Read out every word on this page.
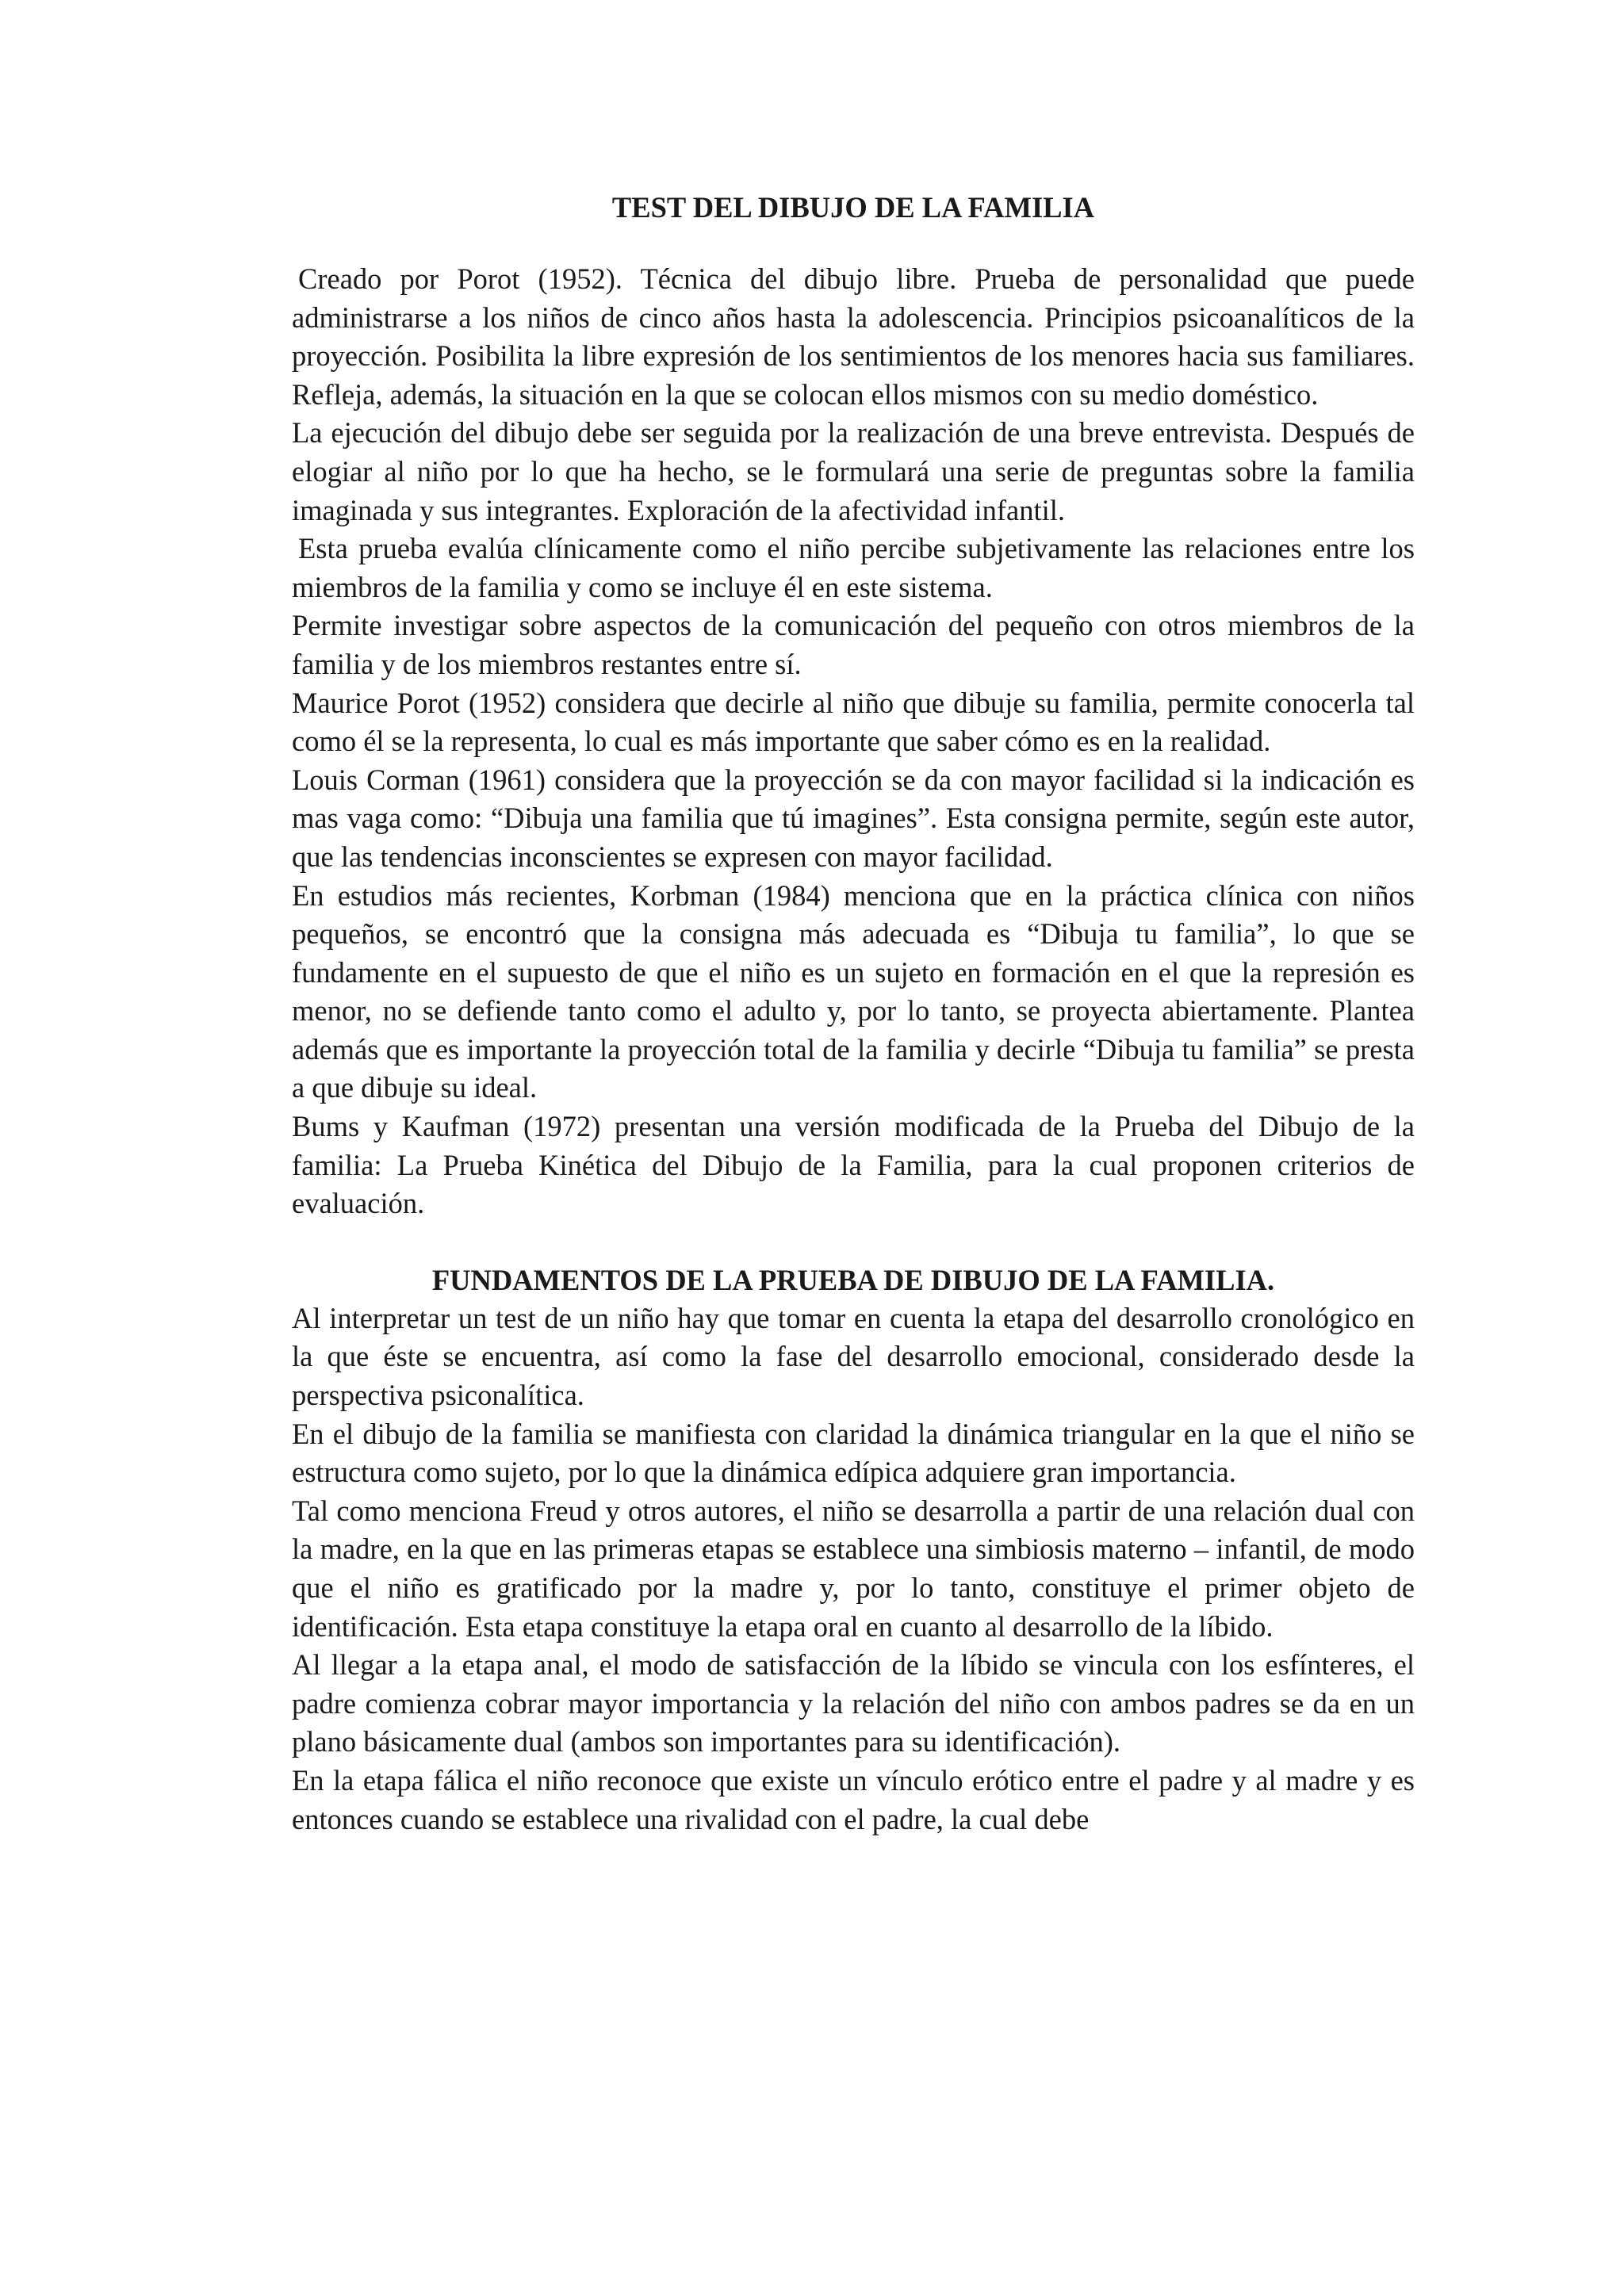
TEST DEL DIBUJO DE LA FAMILIA

Creado por Porot (1952). Técnica del dibujo libre. Prueba de personalidad que puede administrarse a los niños de cinco años hasta la adolescencia. Principios psicoanalíticos de la proyección. Posibilita la libre expresión de los sentimientos de los menores hacia sus familiares. Refleja, además, la situación en la que se colocan ellos mismos con su medio doméstico.

La ejecución del dibujo debe ser seguida por la realización de una breve entrevista. Después de elogiar al niño por lo que ha hecho, se le formulará una serie de preguntas sobre la familia imaginada y sus integrantes. Exploración de la afectividad infantil.

Esta prueba evalúa clínicamente como el niño percibe subjetivamente las relaciones entre los miembros de la familia y como se incluye él en este sistema.

Permite investigar sobre aspectos de la comunicación del pequeño con otros miembros de la familia y de los miembros restantes entre sí.

Maurice Porot (1952) considera que decirle al niño que dibuje su familia, permite conocerla tal como él se la representa, lo cual es más importante que saber cómo es en la realidad.

Louis Corman (1961) considera que la proyección se da con mayor facilidad si la indicación es mas vaga como: “Dibuja una familia que tú imagines”. Esta consigna permite, según este autor, que las tendencias inconscientes se expresen con mayor facilidad.

En estudios más recientes, Korbman (1984) menciona que en la práctica clínica con niños pequeños, se encontró que la consigna más adecuada es “Dibuja tu familia”, lo que se fundamente en el supuesto de que el niño es un sujeto en formación en el que la represión es menor, no se defiende tanto como el adulto y, por lo tanto, se proyecta abiertamente. Plantea además que es importante la proyección total de la familia y decirle “Dibuja tu familia” se presta a que dibuje su ideal.

Bums y Kaufman (1972) presentan una versión modificada de la Prueba del Dibujo de la familia: La Prueba Kinética del Dibujo de la Familia, para la cual proponen criterios de evaluación.

FUNDAMENTOS DE LA PRUEBA DE DIBUJO DE LA FAMILIA.

Al interpretar un test de un niño hay que tomar en cuenta la etapa del desarrollo cronológico en la que éste se encuentra, así como la fase del desarrollo emocional, considerado desde la perspectiva psiconalítica.

En el dibujo de la familia se manifiesta con claridad la dinámica triangular en la que el niño se estructura como sujeto, por lo que la dinámica edípica adquiere gran importancia.

Tal como menciona Freud y otros autores, el niño se desarrolla a partir de una relación dual con la madre, en la que en las primeras etapas se establece una simbiosis materno – infantil, de modo que el niño es gratificado por la madre y, por lo tanto, constituye el primer objeto de identificación. Esta etapa constituye la etapa oral en cuanto al desarrollo de la líbido.

Al llegar a la etapa anal, el modo de satisfacción de la líbido se vincula con los esfínteres, el padre comienza cobrar mayor importancia y la relación del niño con ambos padres se da en un plano básicamente dual (ambos son importantes para su identificación).

En la etapa fálica el niño reconoce que existe un vínculo erótico entre el padre y al madre y es entonces cuando se establece una rivalidad con el padre, la cual debe
